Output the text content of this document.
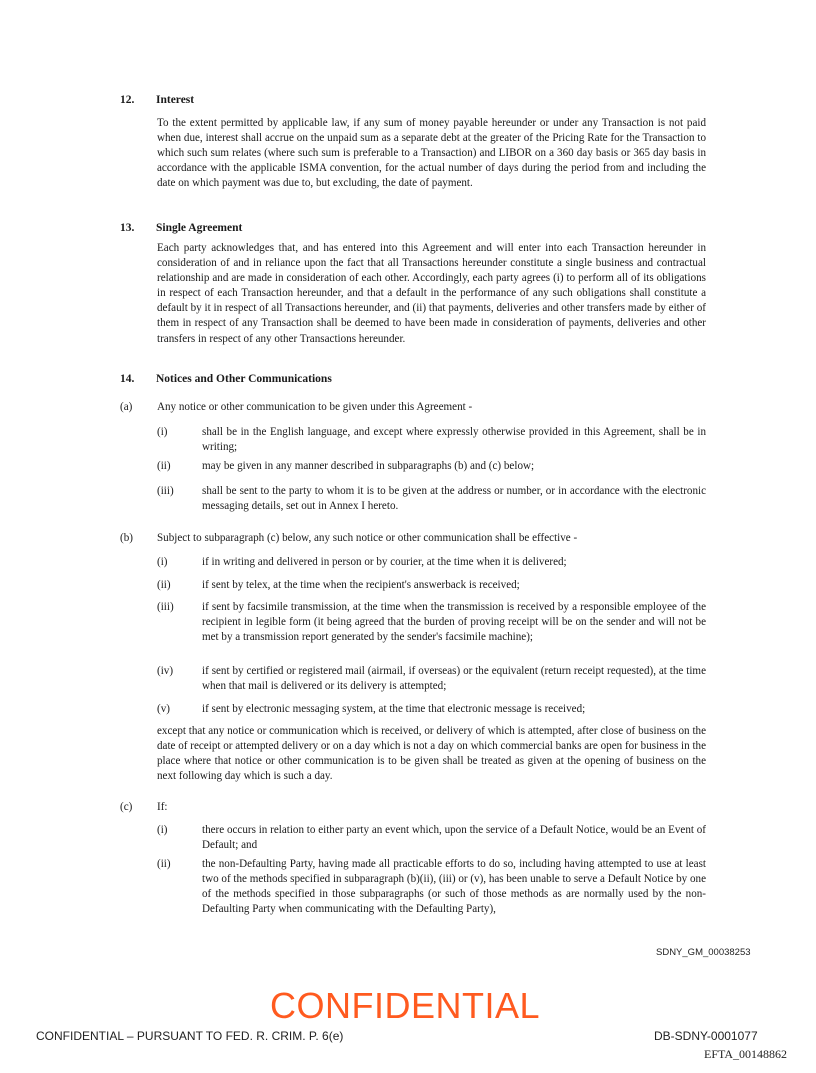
12. Interest

To the extent permitted by applicable law, if any sum of money payable hereunder or under any Transaction is not paid when due, interest shall accrue on the unpaid sum as a separate debt at the greater of the Pricing Rate for the Transaction to which such sum relates (where such sum is preferable to a Transaction) and LIBOR on a 360 day basis or 365 day basis in accordance with the applicable ISMA convention, for the actual number of days during the period from and including the date on which payment was due to, but excluding, the date of payment.

13. Single Agreement

Each party acknowledges that, and has entered into this Agreement and will enter into each Transaction hereunder in consideration of and in reliance upon the fact that all Transactions hereunder constitute a single business and contractual relationship and are made in consideration of each other. Accordingly, each party agrees (i) to perform all of its obligations in respect of each Transaction hereunder, and that a default in the performance of any such obligations shall constitute a default by it in respect of all Transactions hereunder, and (ii) that payments, deliveries and other transfers made by either of them in respect of any Transaction shall be deemed to have been made in consideration of payments, deliveries and other transfers in respect of any other Transactions hereunder.

14. Notices and Other Communications
(a) Any notice or other communication to be given under this Agreement -
(i)	shall be in the English language, and except where expressly otherwise provided in this Agreement, shall be in writing;
(ii)	may be given in any manner described in subparagraphs (b) and (c) below;
(iii)	shall be sent to the party to whom it is to be given at the address or number, or in accordance with the electronic messaging details, set out in Annex I hereto.
(b) Subject to subparagraph (c) below, any such notice or other communication shall be effective -
(i)	if in writing and delivered in person or by courier, at the time when it is delivered;
(ii)	if sent by telex, at the time when the recipient's answerback is received;
(iii)	if sent by facsimile transmission, at the time when the transmission is received by a responsible employee of the recipient in legible form (it being agreed that the burden of proving receipt will be on the sender and will not be met by a transmission report generated by the sender's facsimile machine);
(iv)	if sent by certified or registered mail (airmail, if overseas) or the equivalent (return receipt requested), at the time when that mail is delivered or its delivery is attempted;
(v)	if sent by electronic messaging system, at the time that electronic message is received;

except that any notice or communication which is received, or delivery of which is attempted, after close of business on the date of receipt or attempted delivery or on a day which is not a day on which commercial banks are open for business in the place where that notice or other communication is to be given shall be treated as given at the opening of business on the next following day which is such a day.

(c) If:
(i)	there occurs in relation to either party an event which, upon the service of a Default Notice, would be an Event of Default; and
(ii)	the non-Defaulting Party, having made all practicable efforts to do so, including having attempted to use at least two of the methods specified in subparagraph (b)(ii), (iii) or (v), has been unable to serve a Default Notice by one of the methods specified in those subparagraphs (or such of those methods as are normally used by the non-Defaulting Party when communicating with the Defaulting Party),
SDNY_GM_00038253
CONFIDENTIAL
CONFIDENTIAL – PURSUANT TO FED. R. CRIM. P. 6(e)	DB-SDNY-0001077
EFTA_00148862
